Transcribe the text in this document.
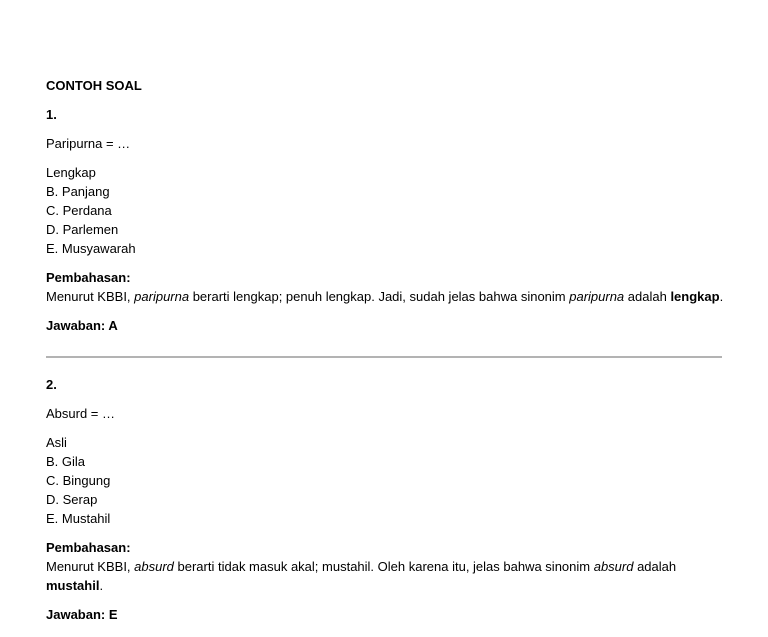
CONTOH SOAL
1.
Paripurna = …
Lengkap
B. Panjang
C. Perdana
D. Parlemen
E. Musyawarah
Pembahasan:
Menurut KBBI, paripurna berarti lengkap; penuh lengkap. Jadi, sudah jelas bahwa sinonim paripurna adalah lengkap.
Jawaban: A
2.
Absurd = …
Asli
B. Gila
C. Bingung
D. Serap
E. Mustahil
Pembahasan:
Menurut KBBI, absurd berarti tidak masuk akal; mustahil. Oleh karena itu, jelas bahwa sinonim absurd adalah mustahil.
Jawaban: E
